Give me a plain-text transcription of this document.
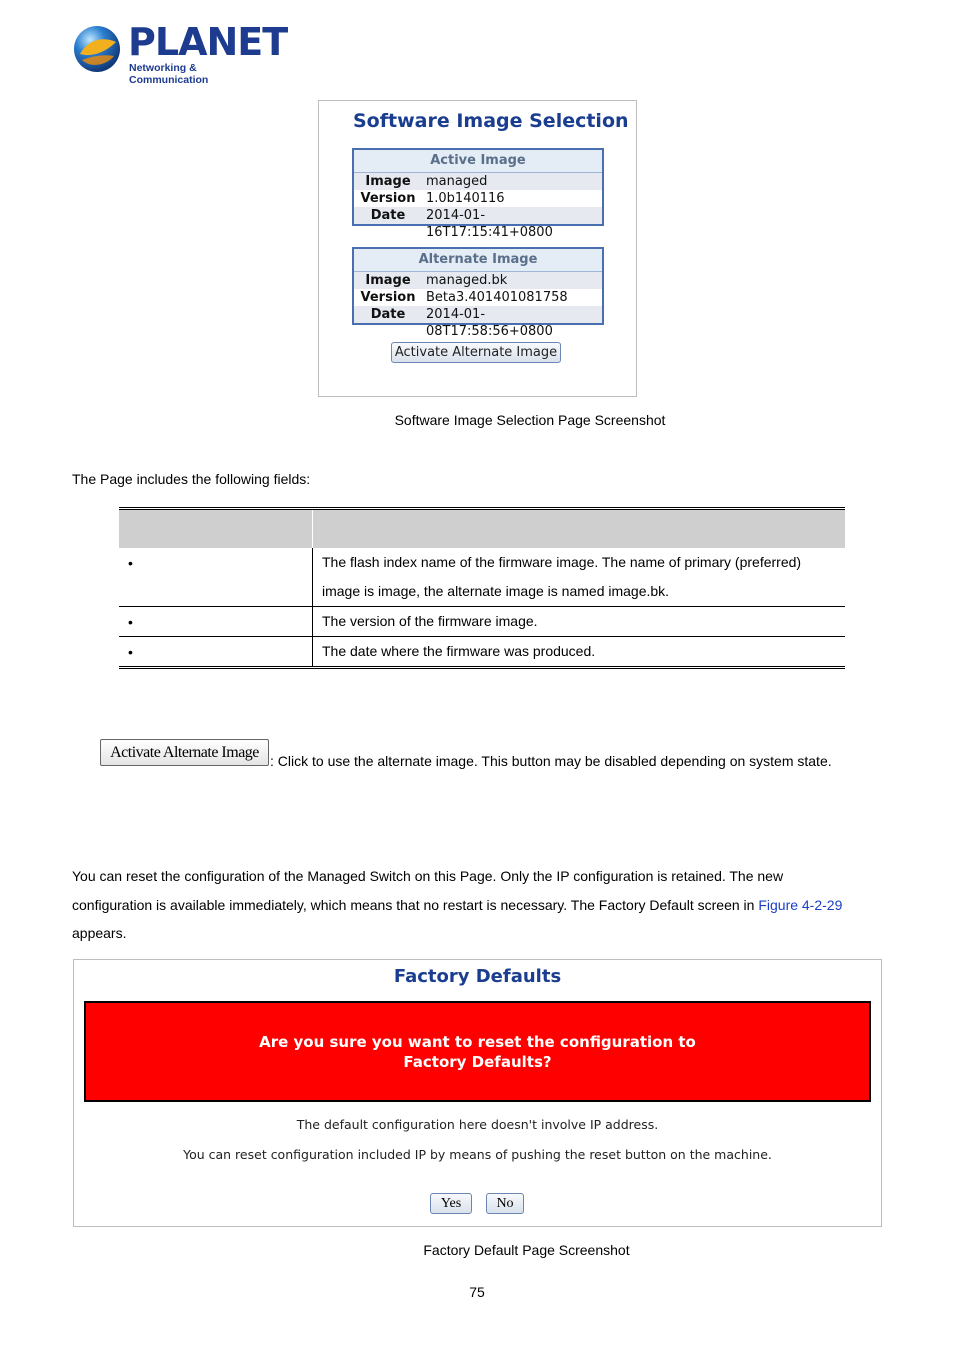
PLANET
Networking & Communication
Software Image Selection
Active Image
Image	managed
Version 1.0b140116
Date	2014-01-16T17:15:41+0800
Alternate Image
Image	managed.bk
Version Beta3.401401081758
Date	2014-01-08T17:58:56+0800
Activate Alternate Image
Software Image Selection Page Screenshot
The Page includes the following fields:
•	The flash index name of the firmware image. The name of primary (preferred)
image is image, the alternate image is named image.bk.
•	The version of the firmware image.
•	The date where the firmware was produced.
Activate Alternate Image : Click to use the alternate image. This button may be disabled depending on system state.
You can reset the configuration of the Managed Switch on this Page. Only the IP configuration is retained. The new
configuration is available immediately, which means that no restart is necessary. The Factory Default screen in Figure 4-2-29
appears.
Factory Defaults
Are you sure you want to reset the configuration to
Factory Defaults?
The default configuration here doesn't involve IP address.
You can reset configuration included IP by means of pushing the reset button on the machine.
Yes	No
Factory Default Page Screenshot
75
